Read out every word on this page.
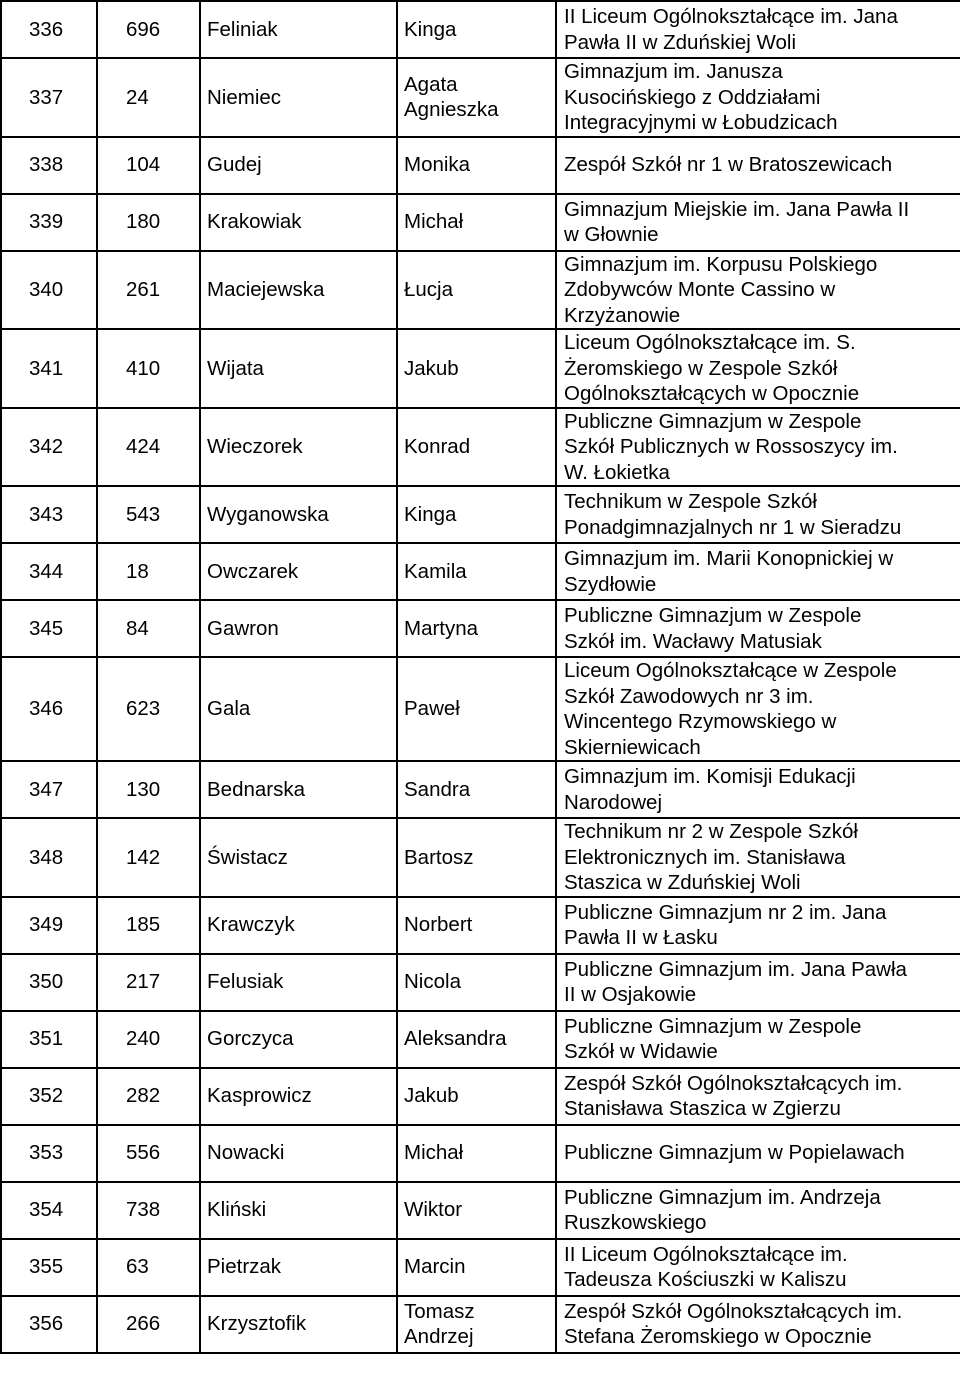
336	696	Feliniak	Kinga	II Liceum Ogólnokształcące im. Jana
Pawła II w Zduńskiej Woli

337	24	Niemiec	Agata
Agnieszka	Gimnazjum im. Janusza
Kusocińskiego z Oddziałami
Integracyjnymi w Łobudzicach

338	104	Gudej	Monika	Zespół Szkół nr 1 w Bratoszewicach

339	180	Krakowiak	Michał	Gimnazjum Miejskie im. Jana Pawła II
w Głownie

340	261	Maciejewska	Łucja	Gimnazjum im. Korpusu Polskiego
Zdobywców Monte Cassino w
Krzyżanowie

341	410	Wijata	Jakub	Liceum Ogólnokształcące im. S.
Żeromskiego w Zespole Szkół
Ogólnokształcących w Opocznie

342	424	Wieczorek	Konrad	Publiczne Gimnazjum w Zespole
Szkół Publicznych w Rossoszycy im.
W. Łokietka

343	543	Wyganowska	Kinga	Technikum w Zespole Szkół
Ponadgimnazjalnych nr 1 w Sieradzu

344	18	Owczarek	Kamila	Gimnazjum im. Marii Konopnickiej w
Szydłowie

345	84	Gawron	Martyna	Publiczne Gimnazjum w Zespole
Szkół im. Wacławy Matusiak

346	623	Gala	Paweł	Liceum Ogólnokształcące w Zespole
Szkół Zawodowych nr 3 im.
Wincentego Rzymowskiego w
Skierniewicach

347	130	Bednarska	Sandra	Gimnazjum im. Komisji Edukacji
Narodowej

348	142	Świstacz	Bartosz	Technikum nr 2 w Zespole Szkół
Elektronicznych im. Stanisława
Staszica w Zduńskiej Woli

349	185	Krawczyk	Norbert	Publiczne Gimnazjum nr 2 im. Jana
Pawła II w Łasku

350	217	Felusiak	Nicola	Publiczne Gimnazjum im. Jana Pawła
II w Osjakowie

351	240	Gorczyca	Aleksandra	Publiczne Gimnazjum w Zespole
Szkół w Widawie

352	282	Kasprowicz	Jakub	Zespół Szkół Ogólnokształcących im.
Stanisława Staszica w Zgierzu

353	556	Nowacki	Michał	Publiczne Gimnazjum w Popielawach

354	738	Kliński	Wiktor	Publiczne Gimnazjum im. Andrzeja
Ruszkowskiego

355	63	Pietrzak	Marcin	II Liceum Ogólnokształcące im.
Tadeusza Kościuszki w Kaliszu

356	266	Krzysztofik	Tomasz
Andrzej	Zespół Szkół Ogólnokształcących im.
Stefana Żeromskiego w Opocznie
